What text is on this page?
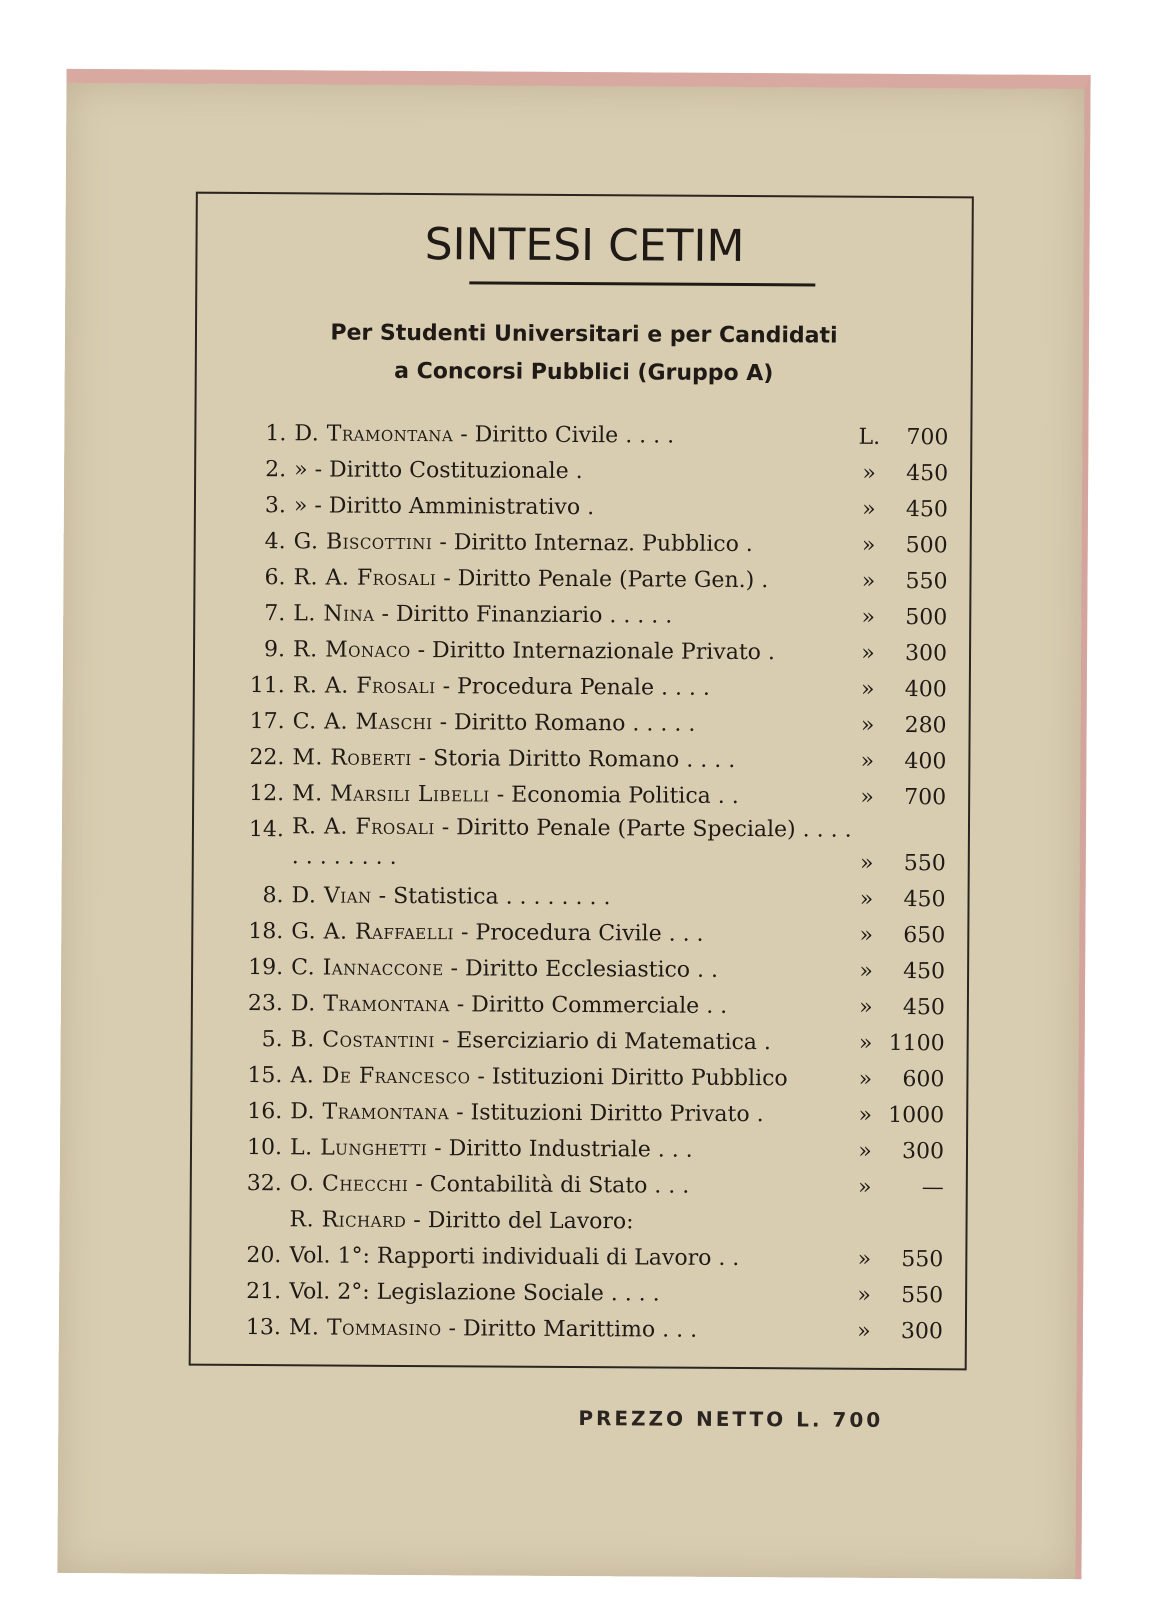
SINTESI CETIM
Per Studenti Universitari e per Candidati
a Concorsi Pubblici (Gruppo A)
1. D. Tramontana - Diritto Civile . . . .	L.	700
2. » - Diritto Costituzionale .	»	450
3. » - Diritto Amministrativo .	»	450
4. G. Biscottini - Diritto Internaz. Pubblico .	»	500
6. R. A. Frosali - Diritto Penale (Parte Gen.) .	»	550
7. L. Nina - Diritto Finanziario . . . . .	»	500
9. R. Monaco - Diritto Internazionale Privato .	»	300
11. R. A. Frosali - Procedura Penale . . . .	»	400
17. C. A. Maschi - Diritto Romano . . . . .	»	280
22. M. Roberti - Storia Diritto Romano . . . .	»	400
12. M. Marsili Libelli - Economia Politica . .	»	700
14. R. A. Frosali - Diritto Penale (Parte Speciale) . . . . . . . . . . . .	»	550
8. D. Vian - Statistica . . . . . . . .	»	450
18. G. A. Raffaelli - Procedura Civile . . .	»	650
19. C. Iannaccone - Diritto Ecclesiastico . .	»	450
23. D. Tramontana - Diritto Commerciale . .	»	450
5. B. Costantini - Eserciziario di Matematica .	» 1100
15. A. De Francesco - Istituzioni Diritto Pubblico	»	600
16. D. Tramontana - Istituzioni Diritto Privato .	» 1000
10. L. Lunghetti - Diritto Industriale . . .	»	300
32. O. Checchi - Contabilità di Stato . . .	»	—
R. Richard - Diritto del Lavoro:
20. Vol. 1°: Rapporti individuali di Lavoro . .	»	550
21. Vol. 2°: Legislazione Sociale . . . .	»	550
13. M. Tommasino - Diritto Marittimo . . .	»	300
PREZZO NETTO L. 700
